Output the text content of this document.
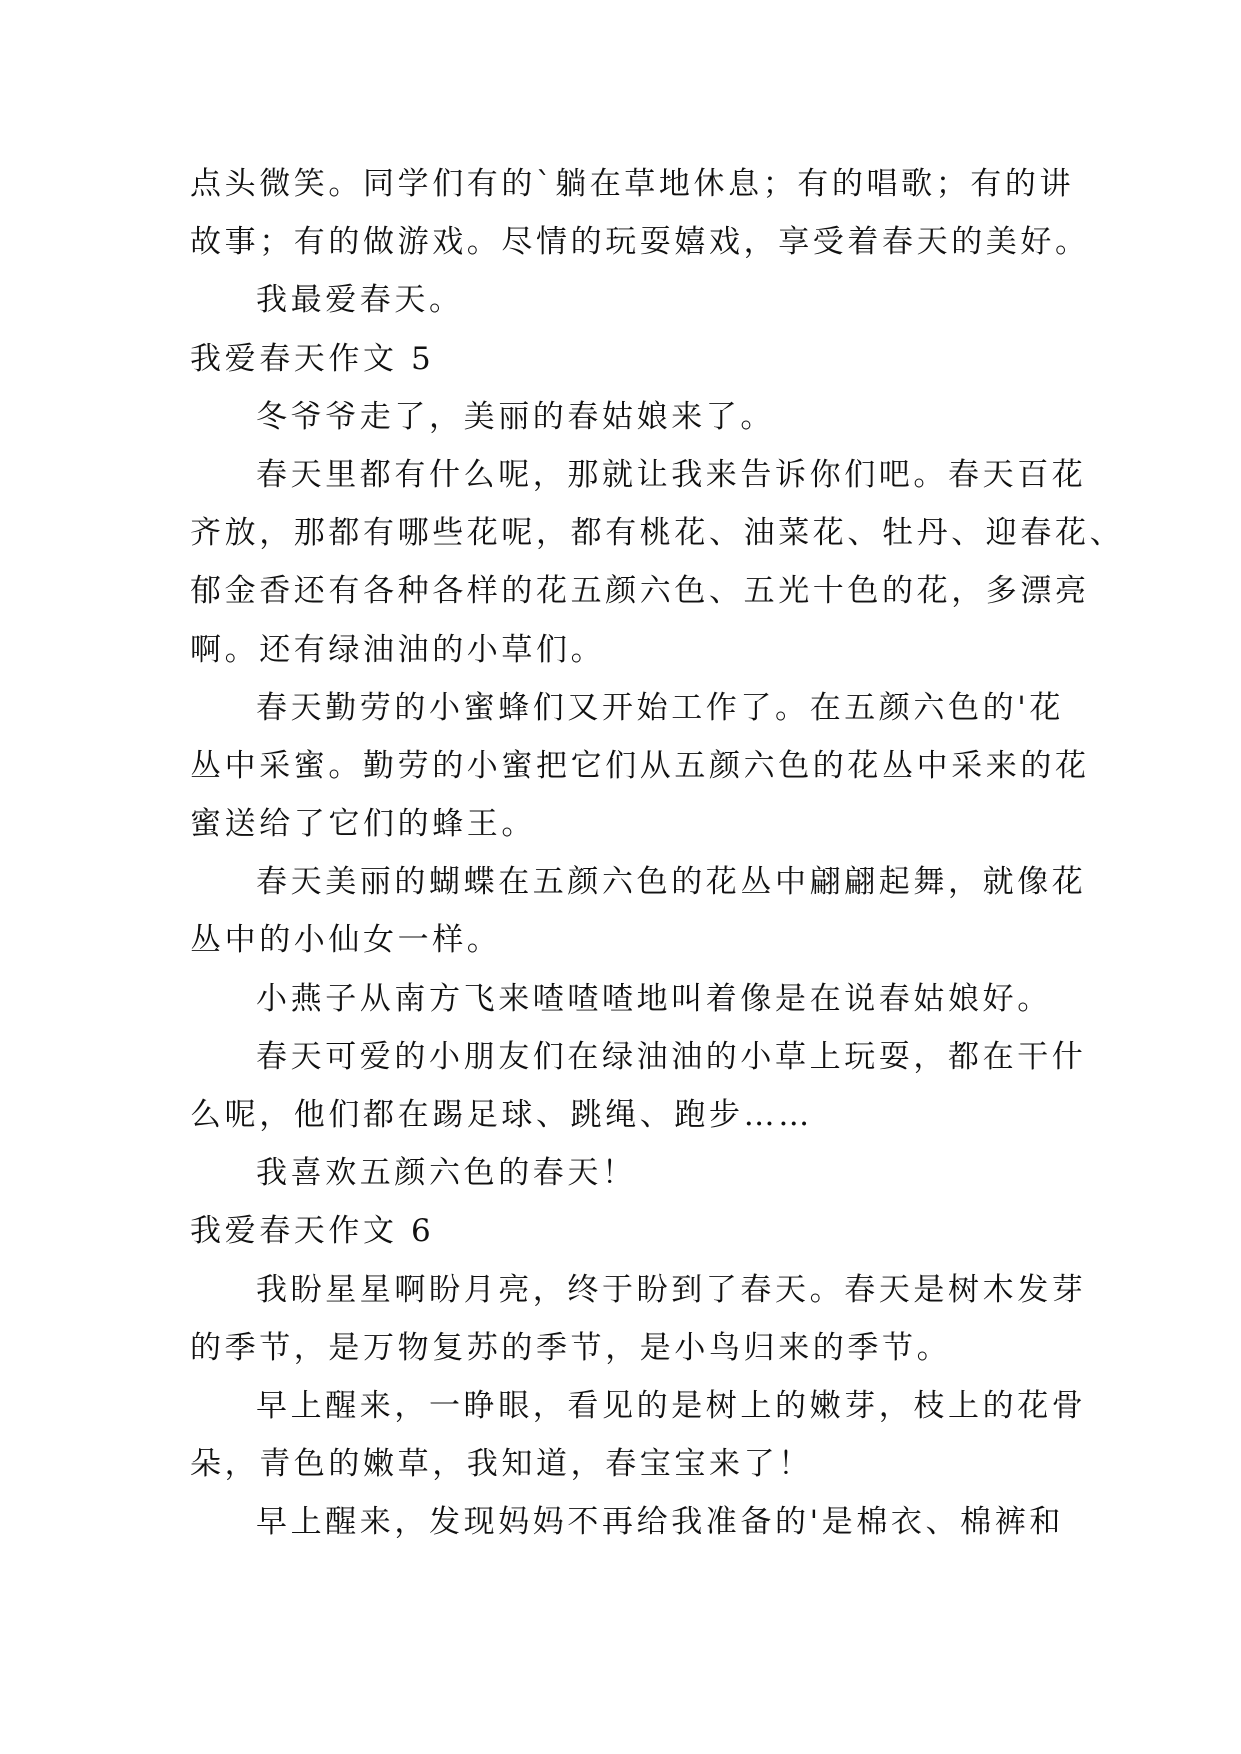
点头微笑。同学们有的`躺在草地休息；有的唱歌；有的讲
故事；有的做游戏。尽情的玩耍嬉戏，享受着春天的美好。
我最爱春天。
我爱春天作文 5
冬爷爷走了，美丽的春姑娘来了。
春天里都有什么呢，那就让我来告诉你们吧。春天百花
齐放，那都有哪些花呢，都有桃花、油菜花、牡丹、迎春花、
郁金香还有各种各样的花五颜六色、五光十色的花，多漂亮
啊。还有绿油油的小草们。
春天勤劳的小蜜蜂们又开始工作了。在五颜六色的'花
丛中采蜜。勤劳的小蜜把它们从五颜六色的花丛中采来的花
蜜送给了它们的蜂王。
春天美丽的蝴蝶在五颜六色的花丛中翩翩起舞，就像花
丛中的小仙女一样。
小燕子从南方飞来喳喳喳地叫着像是在说春姑娘好。
春天可爱的小朋友们在绿油油的小草上玩耍，都在干什
么呢，他们都在踢足球、跳绳、跑步……
我喜欢五颜六色的春天！
我爱春天作文 6
我盼星星啊盼月亮，终于盼到了春天。春天是树木发芽
的季节，是万物复苏的季节，是小鸟归来的季节。
早上醒来，一睁眼，看见的是树上的嫩芽，枝上的花骨
朵，青色的嫩草，我知道，春宝宝来了！
早上醒来，发现妈妈不再给我准备的'是棉衣、棉裤和
